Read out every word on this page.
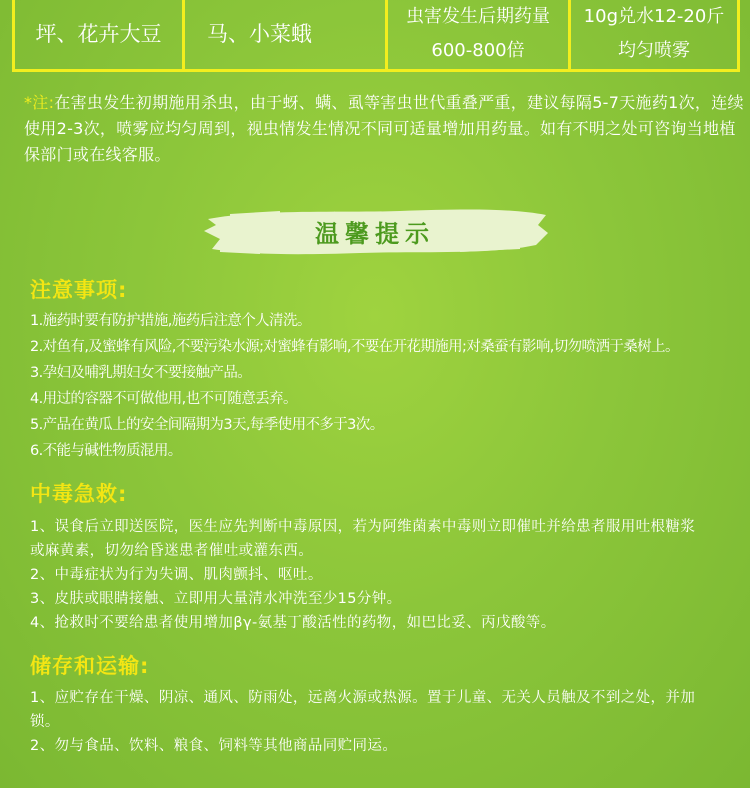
坪、花卉大豆 马、小菜蛾
虫害发生后期药量
600-800倍
10g兑水12-20斤
均匀喷雾
*注:在害虫发生初期施用杀虫，由于蚜、螨、虱等害虫世代重叠严重，建议每隔5-7天施药1次，连续使用2-3次，喷雾应均匀周到，视虫情发生情况不同可适量增加用药量。如有不明之处可咨询当地植保部门或在线客服。
温馨提示
注意事项:
1.施药时要有防护措施,施药后注意个人清洗。
2.对鱼有,及蜜蜂有风险,不要污染水源;对蜜蜂有影响,不要在开花期施用;对桑蚕有影响,切勿喷洒于桑树上。
3.孕妇及哺乳期妇女不要接触产品。
4.用过的容器不可做他用,也不可随意丢弃。
5.产品在黄瓜上的安全间隔期为3天,每季使用不多于3次。
6.不能与碱性物质混用。
中毒急救:
1、误食后立即送医院，医生应先判断中毒原因，若为阿维菌素中毒则立即催吐并给患者服用吐根糖浆或麻黄素，切勿给昏迷患者催吐或灌东西。
2、中毒症状为行为失调、肌肉颤抖、呕吐。
3、皮肤或眼睛接触、立即用大量清水冲洗至少15分钟。
4、抢救时不要给患者使用增加βγ-氨基丁酸活性的药物，如巴比妥、丙戊酸等。
储存和运输:
1、应贮存在干燥、阴凉、通风、防雨处，远离火源或热源。置于儿童、无关人员触及不到之处，并加锁。
2、勿与食品、饮料、粮食、饲料等其他商品同贮同运。
